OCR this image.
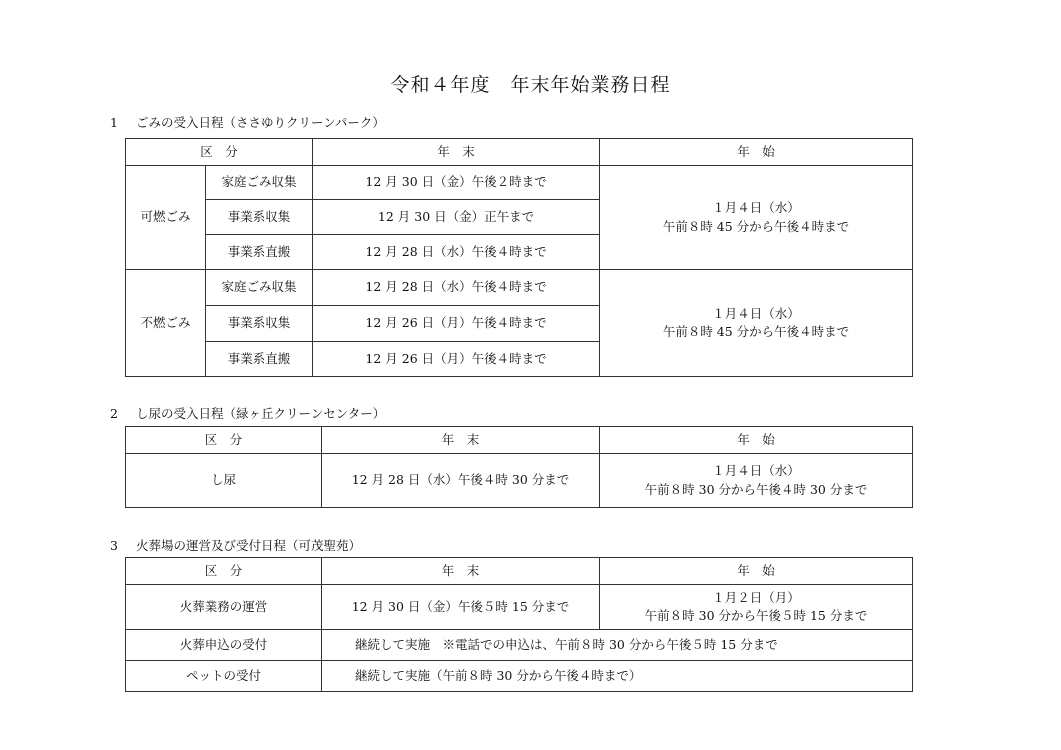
令和４年度　年末年始業務日程
1 ごみの受入日程（ささゆりクリーンパーク）
区　分		年　末	年　始
可燃ごみ	家庭ごみ収集	12 月 30 日（金）午後２時まで	１月４日（水）
午前８時 45 分から午後４時まで

	事業系収集	12 月 30 日（金）正午まで	
	事業系直搬	12 月 28 日（水）午後４時まで	
不燃ごみ	家庭ごみ収集	12 月 28 日（水）午後４時まで	１月４日（水）
午前８時 45 分から午後４時まで

	事業系収集	12 月 26 日（月）午後４時まで	
	事業系直搬	12 月 26 日（月）午後４時まで	
2 し尿の受入日程（緑ヶ丘クリーンセンター）
区　分	年　末	年　始
し尿	12 月 28 日（水）午後４時 30 分まで	１月４日（水）
午前８時 30 分から午後４時 30 分まで
3 火葬場の運営及び受付日程（可茂聖苑）
区　分	年　末	年　始
火葬業務の運営	12 月 30 日（金）午後５時 15 分まで	１月２日（月）
午前８時 30 分から午後５時 15 分まで

火葬申込の受付	継続して実施　※電話での申込は、午前８時 30 分から午後５時 15 分まで	
ペットの受付	継続して実施（午前８時 30 分から午後４時まで）	
